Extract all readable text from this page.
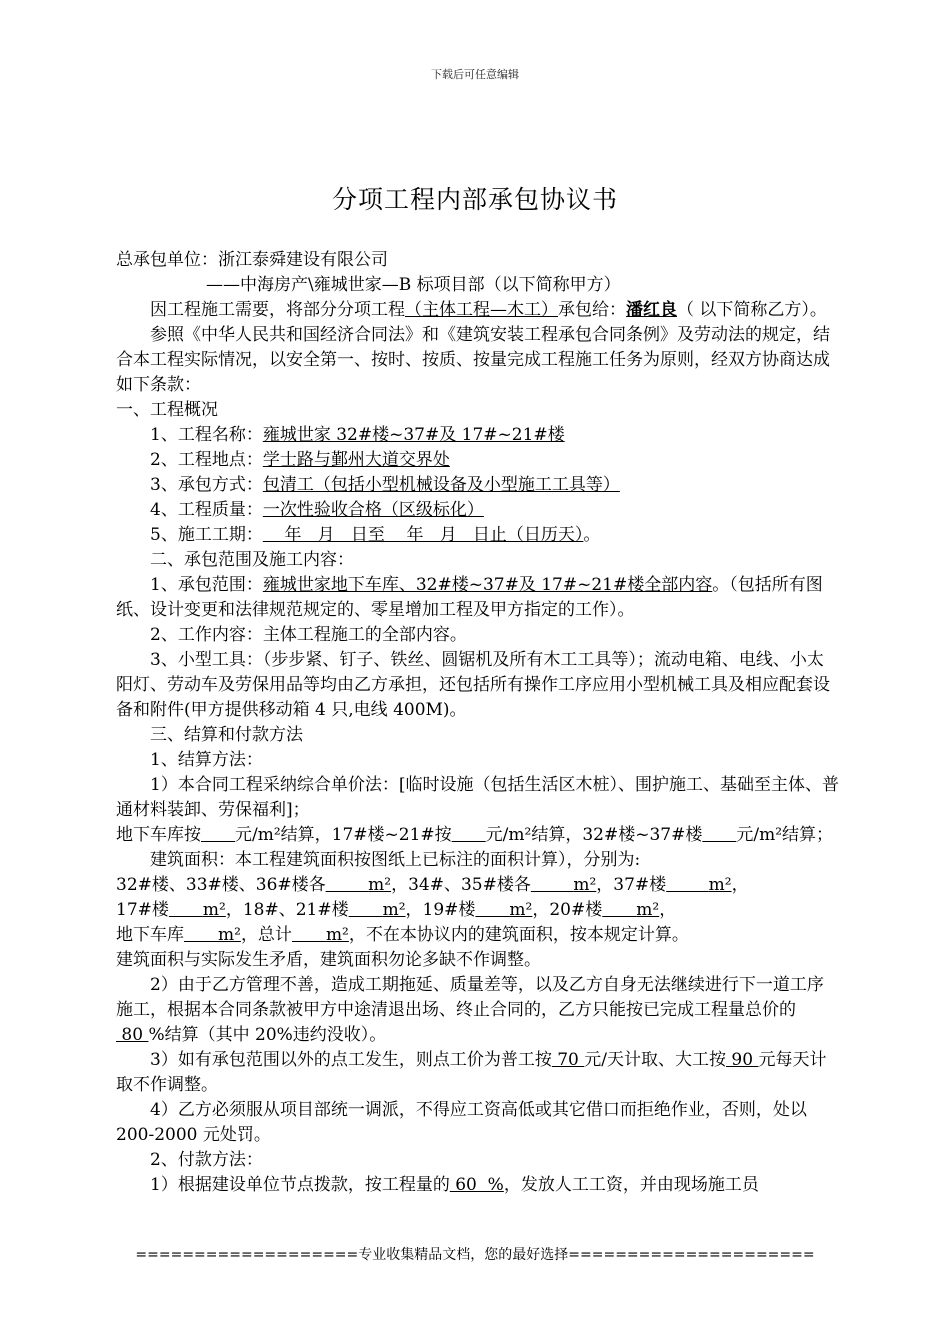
下载后可任意编辑
分项工程内部承包协议书

总承包单位：浙江泰舜建设有限公司

——中海房产\雍城世家—B 标项目部（以下简称甲方）

因工程施工需要，将部分分项工程（主体工程—木工）承包给：潘红良（ 以下简称乙方）。

参照《中华人民共和国经济合同法》和《建筑安装工程承包合同条例》及劳动法的规定，结合本工程实际情况，以安全第一、按时、按质、按量完成工程施工任务为原则，经双方协商达成如下条款：

一、工程概况

1、工程名称：雍城世家 32#楼~37#及 17#~21#楼

2、工程地点：学士路与鄞州大道交界处

3、承包方式：包清工（包括小型机械设备及小型施工工具等）

4、工程质量：一次性验收合格（区级标化）

5、施工工期：    年   月   日至    年   月   日止（日历天）。

二、承包范围及施工内容：

1、承包范围：雍城世家地下车库、32#楼~37#及 17#~21#楼全部内容。（包括所有图纸、设计变更和法律规范规定的、零星增加工程及甲方指定的工作）。

2、工作内容：主体工程施工的全部内容。

3、小型工具：（步步紧、钉子、铁丝、圆锯机及所有木工工具等）；流动电箱、电线、小太阳灯、劳动车及劳保用品等均由乙方承担，还包括所有操作工序应用小型机械工具及相应配套设备和附件(甲方提供移动箱 4 只,电线 400M)。

三、结算和付款方法

1、结算方法：

1）本合同工程采纳综合单价法：[临时设施（包括生活区木桩）、围护施工、基础至主体、普通材料装卸、劳保福利]；

地下车库按　　 元/m²结算，17#楼~21#按　　 元/m²结算，32#楼~37#楼　　 元/m²结算；

建筑面积：本工程建筑面积按图纸上已标注的面积计算），分别为:

32#楼、33#楼、36#楼各　　 	m²，34#、35#楼各　　 	m²，37#楼　　 	m²，

17#楼　　 m²，18#、21#楼　　 m²，19#楼　　 m²，20#楼　　 m²，

地下车库　　 m²，总计　　 m²，不在本协议内的建筑面积，按本规定计算。

建筑面积与实际发生矛盾，建筑面积勿论多缺不作调整。

2）由于乙方管理不善，造成工期拖延、质量差等，以及乙方自身无法继续进行下一道工序施工，根据本合同条款被甲方中途清退出场、终止合同的，乙方只能按已完成工程量总价的 80 %结算（其中 20%违约没收）。

3）如有承包范围以外的点工发生，则点工价为普工按 70 元/天计取、大工按 90 元每天计取不作调整。

4）乙方必须服从项目部统一调派，不得应工资高低或其它借口而拒绝作业，否则，处以 200-2000 元处罚。

2、付款方法：

1）根据建设单位节点拨款，按工程量的 60  %，发放人工工资，并由现场施工员

===================专业收集精品文档，您的最好选择=====================
